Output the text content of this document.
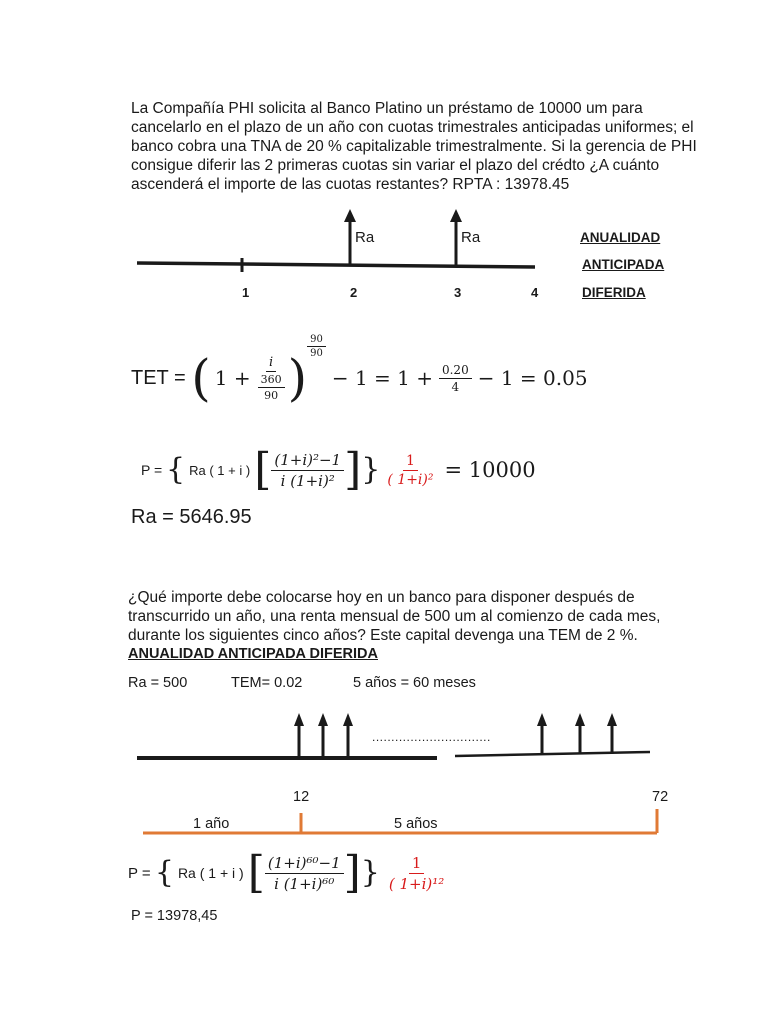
La Compañía PHI solicita al Banco Platino un préstamo de 10000 um para
cancelarlo en el plazo de un año con cuotas trimestrales anticipadas uniformes; el
banco cobra una TNA de 20 % capitalizable trimestralmente. Si la gerencia de PHI
consigue diferir las 2 primeras cuotas sin variar el plazo del crédto ¿A cuánto
ascenderá el importe de las cuotas restantes? RPTA : 13978.45
Ra	Ra
1	2	3	4
ANUALIDAD
ANTICIPADA
DIFERIDA
TET = ( $1 + \frac{i}{\frac{360}{90}}$ )
$\frac{90}{90}$
− $1 = 1 + \frac{0.20}{4} - 1 = 0.05$
P = { Ra ( 1 + i ) [ $\frac{\text{(1+i)²−1}}{\text{i (1+i)²}}$ ] } $\frac{1}{\text{( 1+i)²}} = 10000$
Ra = 5646.95
¿Qué importe debe colocarse hoy en un banco para disponer después de
transcurrido un año, una renta mensual de 500 um al comienzo de cada mes,
durante los siguientes cinco años? Este capital devenga una TEM de 2 %.
ANUALIDAD ANTICIPADA DIFERIDA
Ra = 500	TEM= 0.02	5 años = 60 meses
...............................
12	72
1 año	5 años
P = { Ra ( 1 + i ) [ $\frac{\text{(1+i)⁶⁰−1}}{\text{i (1+i)⁶⁰}}$ ] } $\frac{1}{\text{( 1+i)¹²}}$
P = 13978,45
